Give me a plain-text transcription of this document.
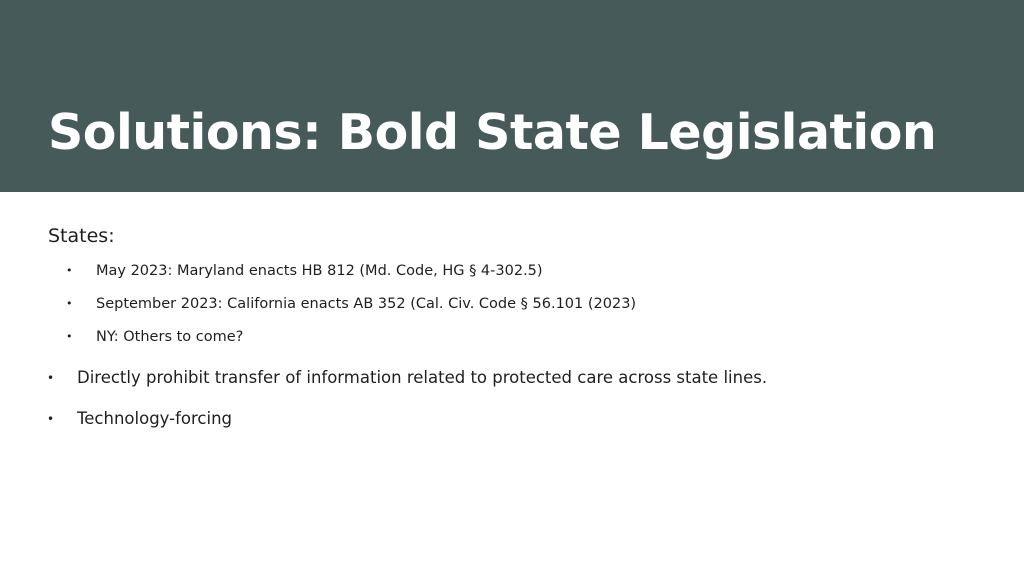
Solutions: Bold State Legislation
States:
• May 2023: Maryland enacts HB 812 (Md. Code, HG § 4-302.5)
• September 2023: California enacts AB 352 (Cal. Civ. Code § 56.101 (2023)
• NY: Others to come?
• Directly prohibit transfer of information related to protected care across state lines.
• Technology-forcing
